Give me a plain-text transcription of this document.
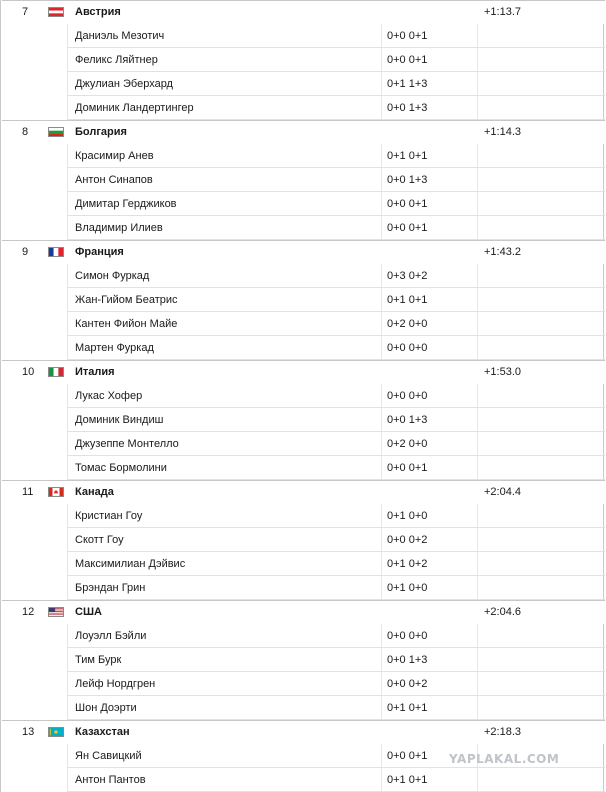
7	Австрия	+1:13.7
Даниэль Мезотич	0+0 0+1
Феликс Ляйтнер	0+0 0+1
Джулиан Эберхард	0+1 1+3
Доминик Ландертингер	0+0 1+3
8	Болгария	+1:14.3
Красимир Анев	0+1 0+1
Антон Синапов	0+0 1+3
Димитар Герджиков	0+0 0+1
Владимир Илиев	0+0 0+1
9	Франция	+1:43.2
Симон Фуркад	0+3 0+2
Жан-Гийом Беатрис	0+1 0+1
Кантен Фийон Майе	0+2 0+0
Мартен Фуркад	0+0 0+0
10	Италия	+1:53.0
Лукас Хофер	0+0 0+0
Доминик Виндиш	0+0 1+3
Джузеппе Монтелло	0+2 0+0
Томас Бормолини	0+0 0+1
11	Канада	+2:04.4
Кристиан Гоу	0+1 0+0
Скотт Гоу	0+0 0+2
Максимилиан Дэйвис	0+1 0+2
Брэндан Грин	0+1 0+0
12	США	+2:04.6
Лоуэлл Бэйли	0+0 0+0
Тим Бурк	0+0 1+3
Лейф Нордгрен	0+0 0+2
Шон Доэрти	0+1 0+1
13	Казахстан	+2:18.3
Ян Савицкий	0+0 0+1
Антон Пантов	0+1 0+1
YAPLAKAL.COM
